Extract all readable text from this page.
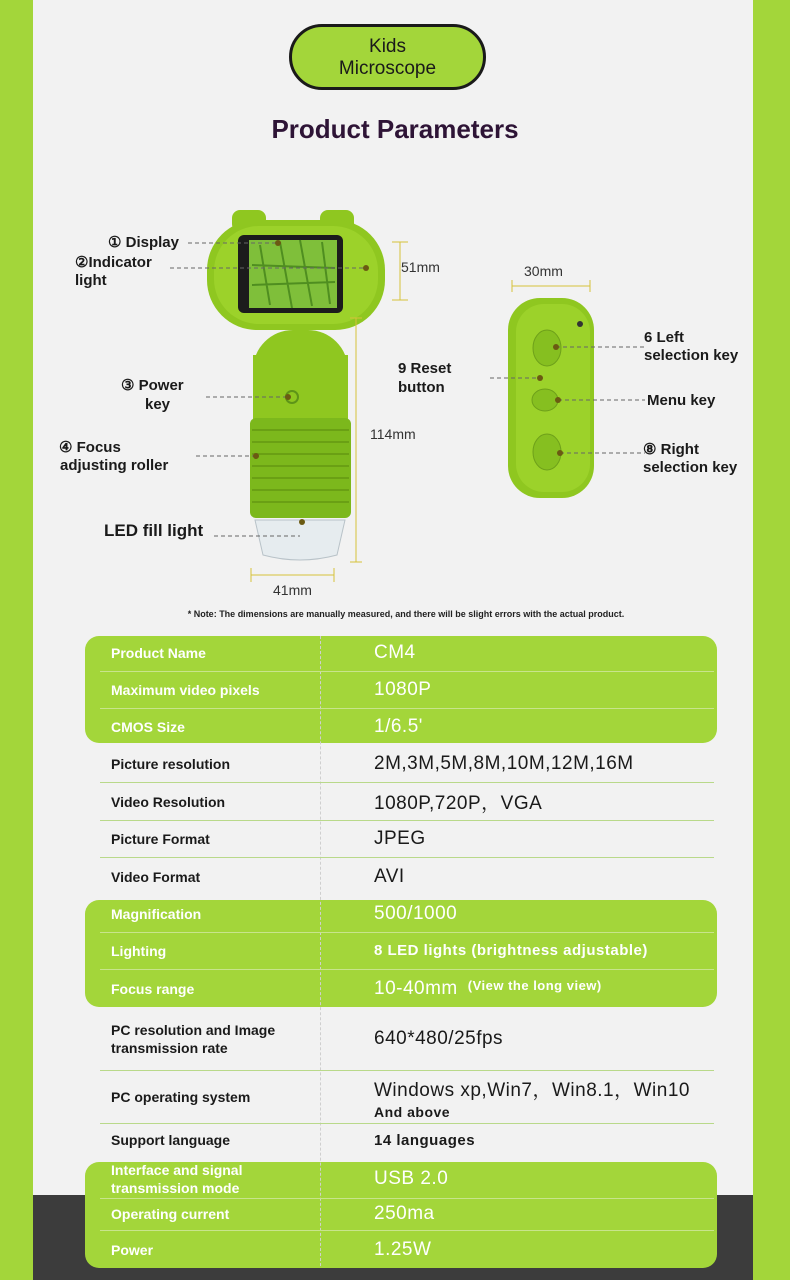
Kids
Microscope
Product Parameters
① Display
②Indicator
light
③ Power
key
④ Focus
adjusting roller
LED fill light
9 Reset
button
6 Left
selection key
Menu key
⑧ Right
selection key
51mm
114mm
41mm
30mm
* Note: The dimensions are manually measured, and there will be slight errors with the actual product.
Product Name	CM4
Maximum video pixels	1080P
CMOS Size	1/6.5'
Picture resolution	2M,3M,5M,8M,10M,12M,16M
Video Resolution	1080P,720P，VGA
Picture Format	JPEG
Video Format	AVI
Magnification	500/1000
Lighting	8 LED lights (brightness adjustable)
Focus range	10-40mm (View the long view)
PC resolution and Image transmission rate	640*480/25fps
PC operating system	Windows xp,Win7，Win8.1，Win10
And above
Support language	14 languages
Interface and signal transmission mode	USB 2.0
Operating current	250ma
Power	1.25W
